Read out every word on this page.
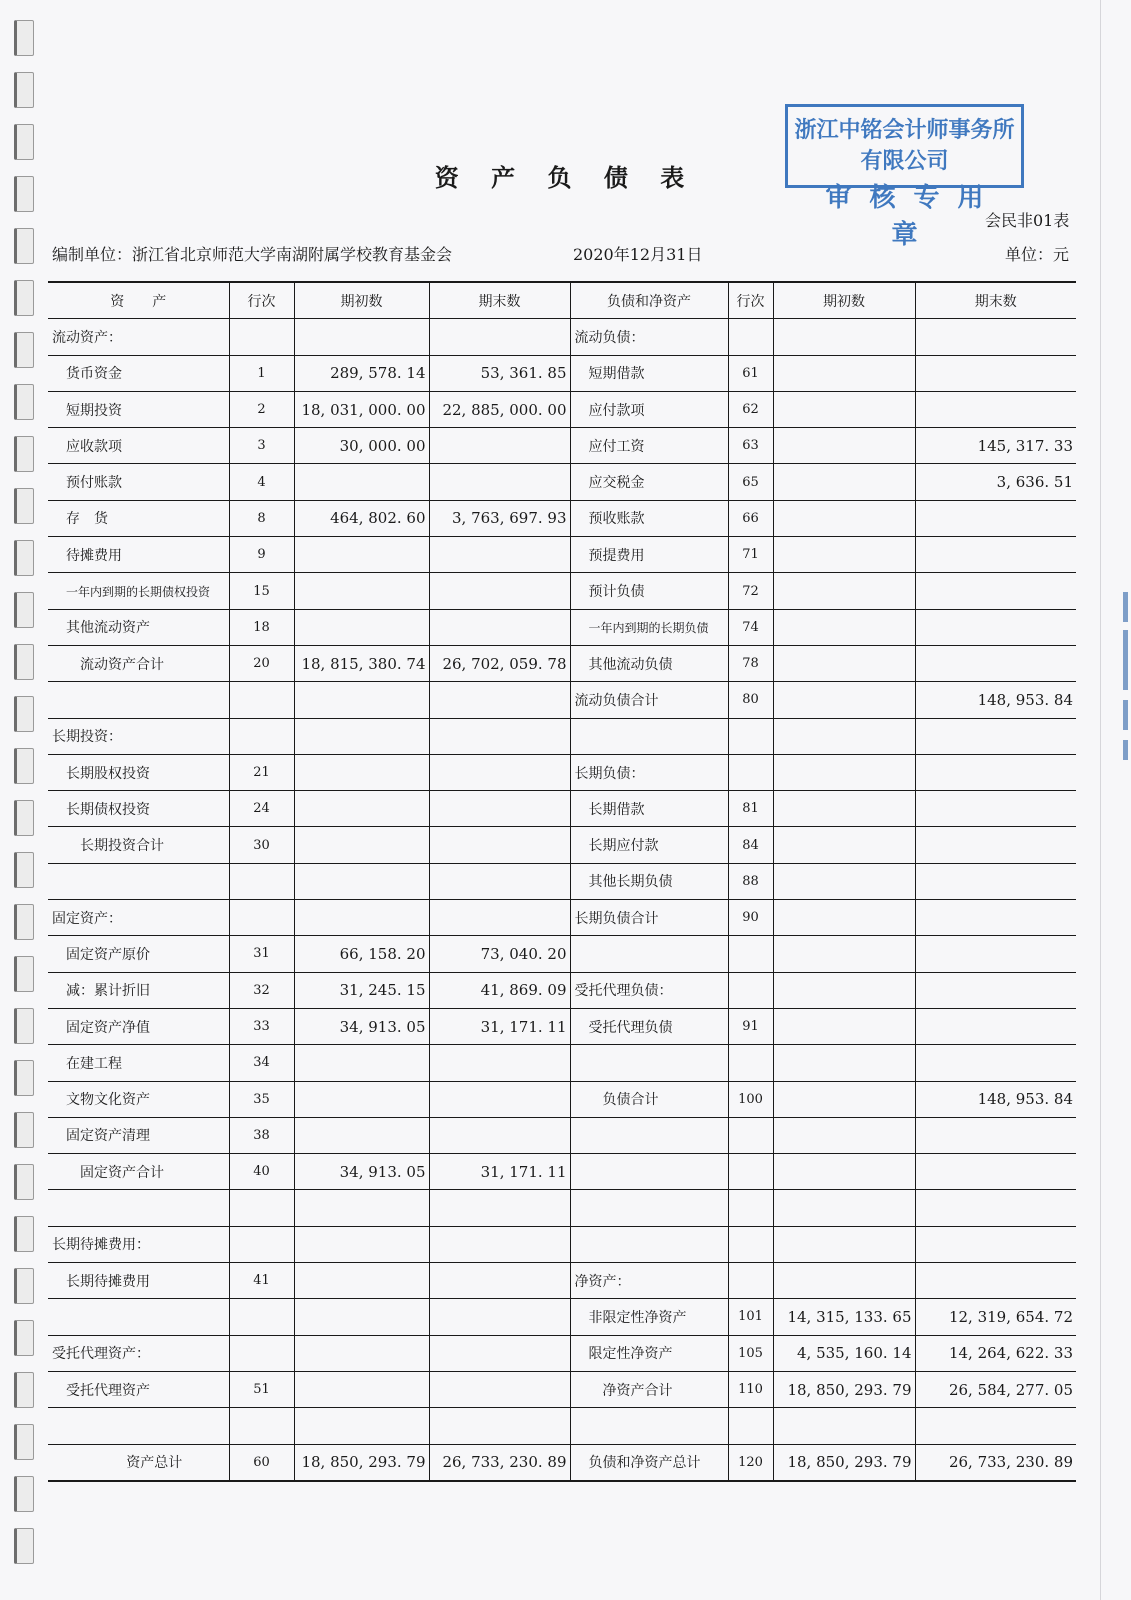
浙江中铭会计师事务所有限公司
审核专用章
资 产 负 债 表
会民非01表
编制单位：浙江省北京师范大学南湖附属学校教育基金会	2020年12月31日	单位：元
资　　产	行次	期初数	期末数	负债和净资产	行次	期初数	期末数
流动资产：				流动负债：			
货币资金	1	289, 578. 14	53, 361. 85	短期借款	61		
短期投资	2	18, 031, 000. 00	22, 885, 000. 00	应付款项	62		
应收款项	3	30, 000. 00		应付工资	63		145, 317. 33
预付账款	4			应交税金	65		3, 636. 51
存　货	8	464, 802. 60	3, 763, 697. 93	预收账款	66		
待摊费用	9			预提费用	71		
一年内到期的长期债权投资	15			预计负债	72		
其他流动资产	18			一年内到期的长期负债	74		
流动资产合计	20	18, 815, 380. 74	26, 702, 059. 78	其他流动负债	78		
				流动负债合计	80		148, 953. 84
长期投资：							
长期股权投资	21			长期负债：			
长期债权投资	24			长期借款	81		
长期投资合计	30			长期应付款	84		
				其他长期负债	88		
固定资产：				长期负债合计	90		
固定资产原价	31	66, 158. 20	73, 040. 20				
减：累计折旧	32	31, 245. 15	41, 869. 09	受托代理负债：			
固定资产净值	33	34, 913. 05	31, 171. 11	受托代理负债	91		
在建工程	34						
文物文化资产	35			负债合计	100		148, 953. 84
固定资产清理	38						
固定资产合计	40	34, 913. 05	31, 171. 11				

长期待摊费用：							
长期待摊费用	41			净资产：			
				非限定性净资产	101	14, 315, 133. 65	12, 319, 654. 72
受托代理资产：				限定性净资产	105	4, 535, 160. 14	14, 264, 622. 33
受托代理资产	51			净资产合计	110	18, 850, 293. 79	26, 584, 277. 05

资产总计	60	18, 850, 293. 79	26, 733, 230. 89	负债和净资产总计	120	18, 850, 293. 79	26, 733, 230. 89
